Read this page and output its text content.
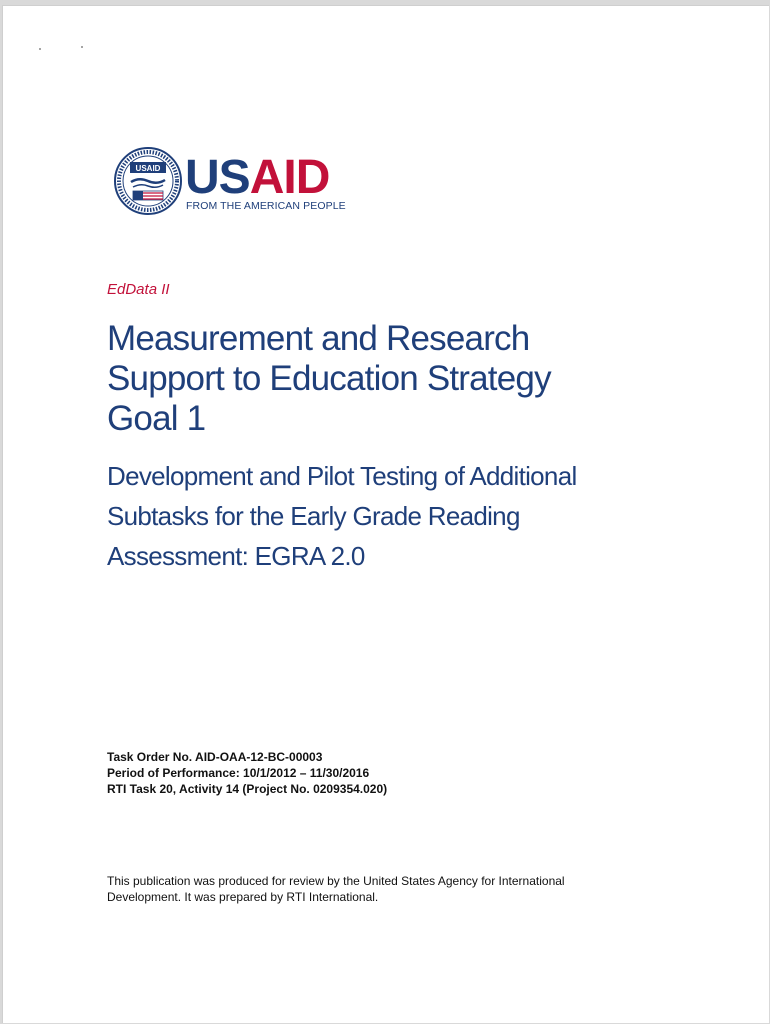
USAID USAID
FROM THE AMERICAN PEOPLE
EdData II
Measurement and Research
Support to Education Strategy
Goal 1
Development and Pilot Testing of Additional
Subtasks for the Early Grade Reading
Assessment: EGRA 2.0
Task Order No. AID-OAA-12-BC-00003
Period of Performance: 10/1/2012 – 11/30/2016
RTI Task 20, Activity 14 (Project No. 0209354.020)
This publication was produced for review by the United States Agency for International
Development. It was prepared by RTI International.
